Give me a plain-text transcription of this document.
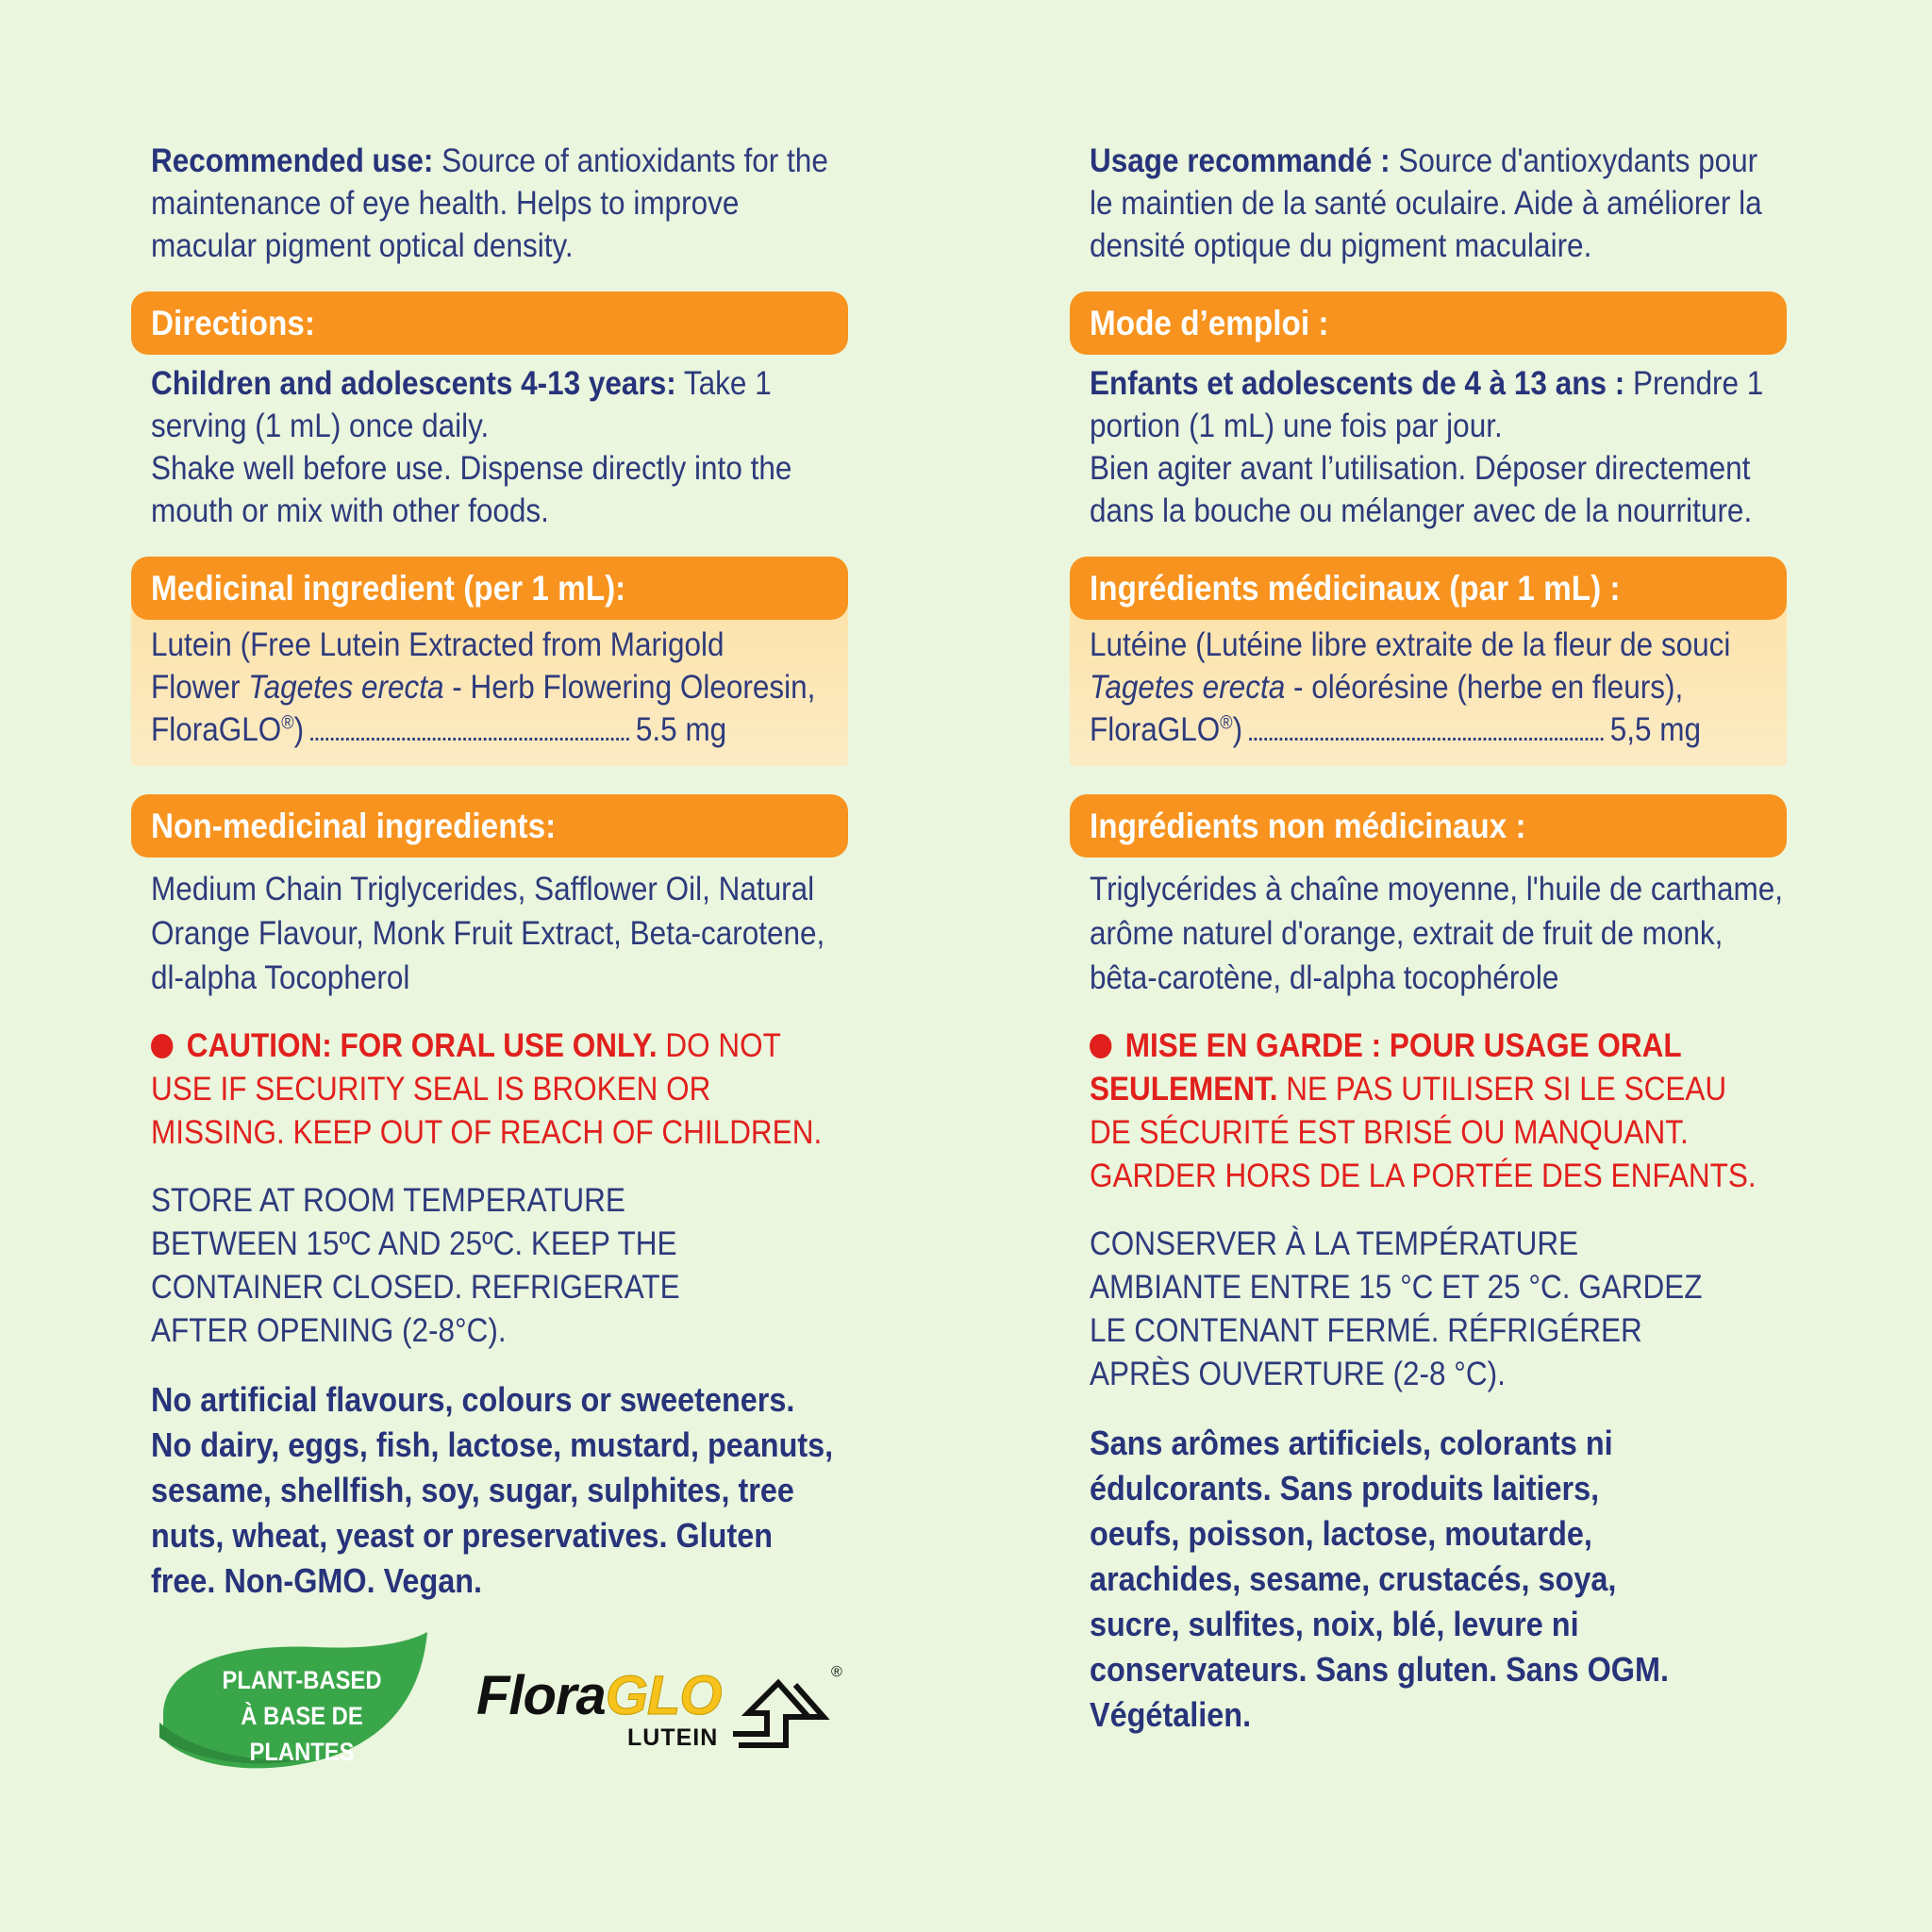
Recommended use: Source of antioxidants for the maintenance of eye health. Helps to improve macular pigment optical density.

Directions:

Children and adolescents 4-13 years: Take 1 serving (1 mL) once daily.
Shake well before use. Dispense directly into the mouth or mix with other foods.

Medicinal ingredient (per 1 mL):
Lutein (Free Lutein Extracted from Marigold
Flower Tagetes erecta - Herb Flowering Oleoresin,
FloraGLO®)	5.5 mg
Non-medicinal ingredients:

Medium Chain Triglycerides, Safflower Oil, Natural Orange Flavour, Monk Fruit Extract, Beta-carotene, dl-alpha Tocopherol

CAUTION: FOR ORAL USE ONLY. DO NOT USE IF SECURITY SEAL IS BROKEN OR MISSING. KEEP OUT OF REACH OF CHILDREN.

STORE AT ROOM TEMPERATURE BETWEEN 15ºC AND 25ºC. KEEP THE CONTAINER CLOSED. REFRIGERATE AFTER OPENING (2-8°C).

No artificial flavours, colours or sweeteners. No dairy, eggs, fish, lactose, mustard, peanuts, sesame, shellfish, soy, sugar, sulphites, tree nuts, wheat, yeast or preservatives. Gluten free. Non-GMO. Vegan.

Usage recommandé : Source d'antioxydants pour le maintien de la santé oculaire. Aide à améliorer la densité optique du pigment maculaire.

Mode d’emploi :

Enfants et adolescents de 4 à 13 ans : Prendre 1 portion (1 mL) une fois par jour.
Bien agiter avant l’utilisation. Déposer directement dans la bouche ou mélanger avec de la nourriture.

Ingrédients médicinaux (par 1 mL) :
Lutéine (Lutéine libre extraite de la fleur de souci
Tagetes erecta - oléorésine (herbe en fleurs),
FloraGLO®)	5,5 mg
Ingrédients non médicinaux :

Triglycérides à chaîne moyenne, l'huile de carthame, arôme naturel d'orange, extrait de fruit de monk, bêta-carotène, dl-alpha tocophérole

MISE EN GARDE : POUR USAGE ORAL SEULEMENT. NE PAS UTILISER SI LE SCEAU DE SÉCURITÉ EST BRISÉ OU MANQUANT. GARDER HORS DE LA PORTÉE DES ENFANTS.

CONSERVER À LA TEMPÉRATURE AMBIANTE ENTRE 15 °C ET 25 °C. GARDEZ LE CONTENANT FERMÉ. RÉFRIGÉRER APRÈS OUVERTURE (2-8 °C).

Sans arômes artificiels, colorants ni édulcorants. Sans produits laitiers, oeufs, poisson, lactose, moutarde, arachides, sesame, crustacés, soya, sucre, sulfites, noix, blé, levure ni conservateurs. Sans gluten. Sans OGM. Végétalien.

PLANT-BASED
À BASE DE PLANTES
FloraGLO
LUTEIN
®
